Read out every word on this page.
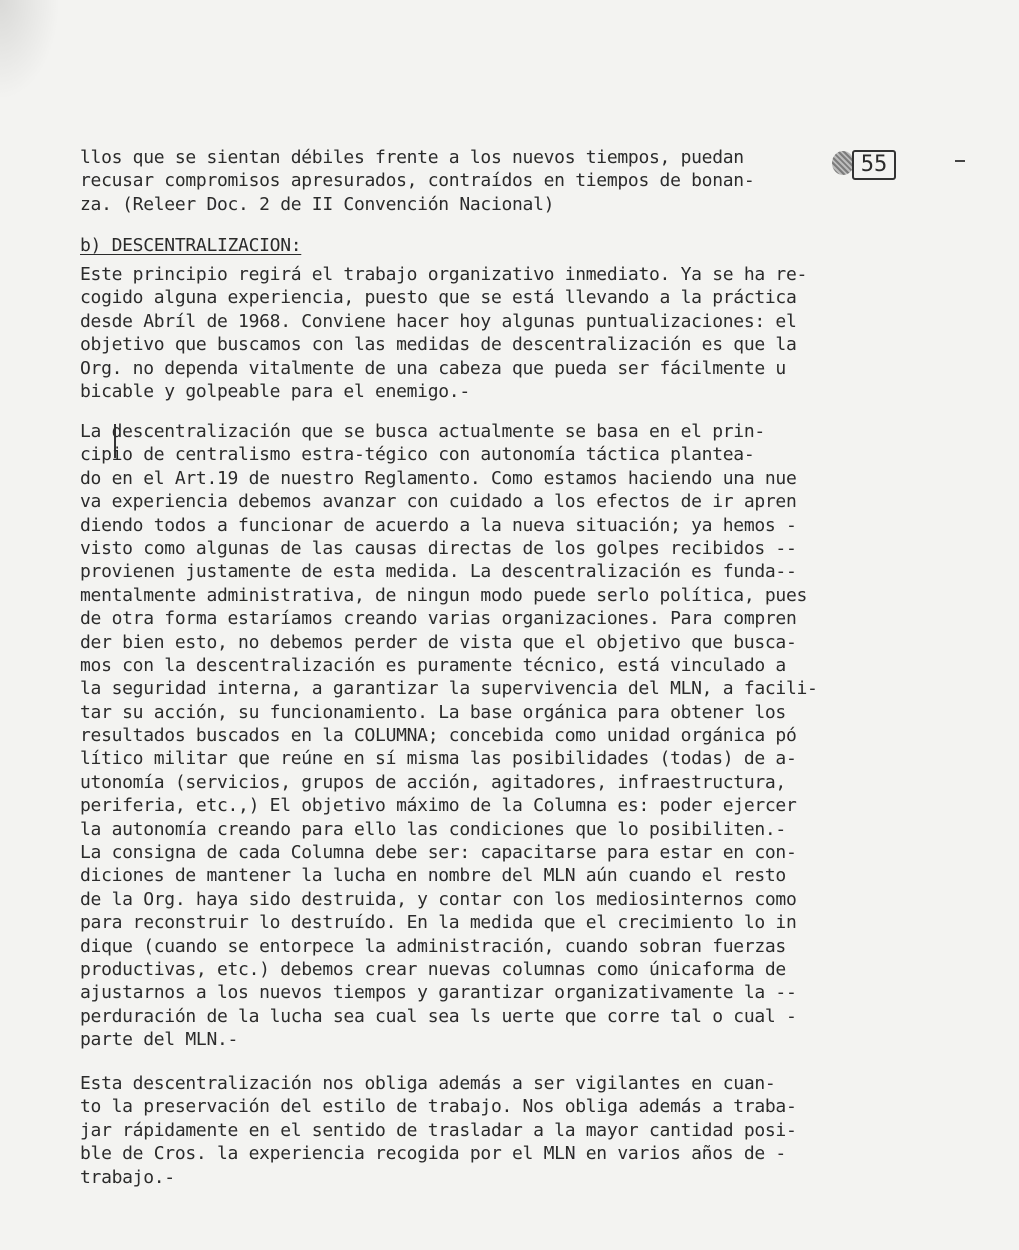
55
llos que se sientan débiles frente a los nuevos tiempos, puedan
recusar compromisos apresurados, contraídos en tiempos de bonan-
za. (Releer Doc. 2 de II Convención Nacional)
b) DESCENTRALIZACION:
Este principio regirá el trabajo organizativo inmediato. Ya se ha re-
cogido alguna experiencia, puesto que se está llevando a la práctica
desde Abríl de 1968. Conviene hacer hoy algunas puntualizaciones: el
objetivo que buscamos con las medidas de descentralización es que la
Org. no dependa vitalmente de una cabeza que pueda ser fácilmente u
bicable y golpeable para el enemigo.-
La descentralización que se busca actualmente se basa en el prin-
cipio de centralismo estra-tégico con autonomía táctica plantea-
do en el Art.19 de nuestro Reglamento. Como estamos haciendo una nue
va experiencia debemos avanzar con cuidado a los efectos de ir apren
diendo todos a funcionar de acuerdo a la nueva situación; ya hemos -
visto como algunas de las causas directas de los golpes recibidos --
provienen justamente de esta medida. La descentralización es funda--
mentalmente administrativa, de ningun modo puede serlo política, pues
de otra forma estaríamos creando varias organizaciones. Para compren
der bien esto, no debemos perder de vista que el objetivo que busca-
mos con la descentralización es puramente técnico, está vinculado a
la seguridad interna, a garantizar la supervivencia del MLN, a facili-
tar su acción, su funcionamiento. La base orgánica para obtener los
resultados buscados en la COLUMNA; concebida como unidad orgánica pó
lítico militar que reúne en sí misma las posibilidades (todas) de a-
utonomía (servicios, grupos de acción, agitadores, infraestructura,
periferia, etc.,) El objetivo máximo de la Columna es: poder ejercer
la autonomía creando para ello las condiciones que lo posibiliten.-
La consigna de cada Columna debe ser: capacitarse para estar en con-
diciones de mantener la lucha en nombre del MLN aún cuando el resto
de la Org. haya sido destruida, y contar con los mediosinternos como
para reconstruir lo destruído. En la medida que el crecimiento lo in
dique (cuando se entorpece la administración, cuando sobran fuerzas
productivas, etc.) debemos crear nuevas columnas como únicaforma de
ajustarnos a los nuevos tiempos y garantizar organizativamente la --
perduración de la lucha sea cual sea ls uerte que corre tal o cual -
parte del MLN.-
Esta descentralización nos obliga además a ser vigilantes en cuan-
to la preservación del estilo de trabajo. Nos obliga además a traba-
jar rápidamente en el sentido de trasladar a la mayor cantidad posi-
ble de Cros. la experiencia recogida por el MLN en varios años de -
trabajo.-
